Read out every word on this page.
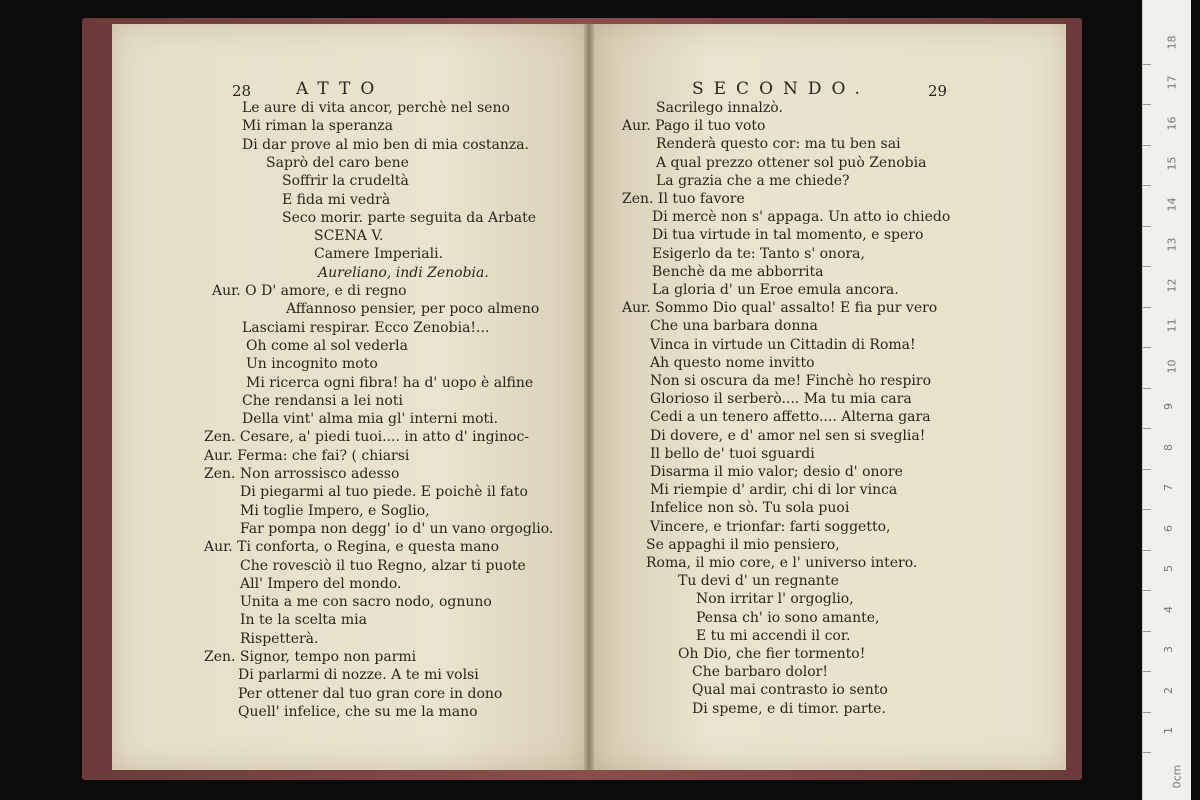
28	ATTO
Le aure di vita ancor, perchè nel seno
Mi riman la speranza
Di dar prove al mio ben di mia costanza.
Saprò del caro bene
Soffrir la crudeltà
E fida mi vedrà
Seco morir. parte seguita da Arbate
SCENA V.
Camere Imperiali.
Aureliano, indi Zenobia.
Aur. O D' amore, e di regno
Affannoso pensier, per poco almeno
Lasciami respirar. Ecco Zenobia!...
Oh come al sol vederla
Un incognito moto
Mi ricerca ogni fibra! ha d' uopo è alfine
Che rendansi a lei noti
Della vint' alma mia gl' interni moti.
Zen. Cesare, a' piedi tuoi.... in atto d' inginoc-
Aur. Ferma: che fai? ( chiarsi
Zen. Non arrossisco adesso
Di piegarmi al tuo piede. E poichè il fato
Mi toglie Impero, e Soglio,
Far pompa non degg' io d' un vano orgoglio.
Aur. Ti conforta, o Regina, e questa mano
Che rovesciò il tuo Regno, alzar ti puote
All' Impero del mondo.
Unita a me con sacro nodo, ognuno
In te la scelta mia
Rispetterà.
Zen. Signor, tempo non parmi
Di parlarmi di nozze. A te mi volsi
Per ottener dal tuo gran core in dono
Quell' infelice, che su me la mano
SECONDO.	29
Sacrilego innalzò.
Aur. Pago il tuo voto
Renderà questo cor: ma tu ben sai
A qual prezzo ottener sol può Zenobia
La grazia che a me chiede?
Zen. Il tuo favore
Di mercè non s' appaga. Un atto io chiedo
Di tua virtude in tal momento, e spero
Esigerlo da te: Tanto s' onora,
Benchè da me abborrita
La gloria d' un Eroe emula ancora.
Aur. Sommo Dio qual' assalto! E fia pur vero
Che una barbara donna
Vinca in virtude un Cittadin di Roma!
Ah questo nome invitto
Non si oscura da me! Finchè ho respiro
Glorioso il serberò.... Ma tu mia cara
Cedi a un tenero affetto.... Alterna gara
Di dovere, e d' amor nel sen si sveglia!
Il bello de' tuoi sguardi
Disarma il mio valor; desio d' onore
Mi riempie d' ardir, chi di lor vinca
Infelice non sò. Tu sola puoi
Vincere, e trionfar: farti soggetto,
Se appaghi il mio pensiero,
Roma, il mio core, e l' universo intero.
Tu devi d' un regnante
Non irritar l' orgoglio,
Pensa ch' io sono amante,
E tu mi accendi il cor.
Oh Dio, che fier tormento!
Che barbaro dolor!
Qual mai contrasto io sento
Di speme, e di timor. parte.
0cm
1
2
3
4
5
6
7
8
9
10
11
12
13
14
15
16
17
18
